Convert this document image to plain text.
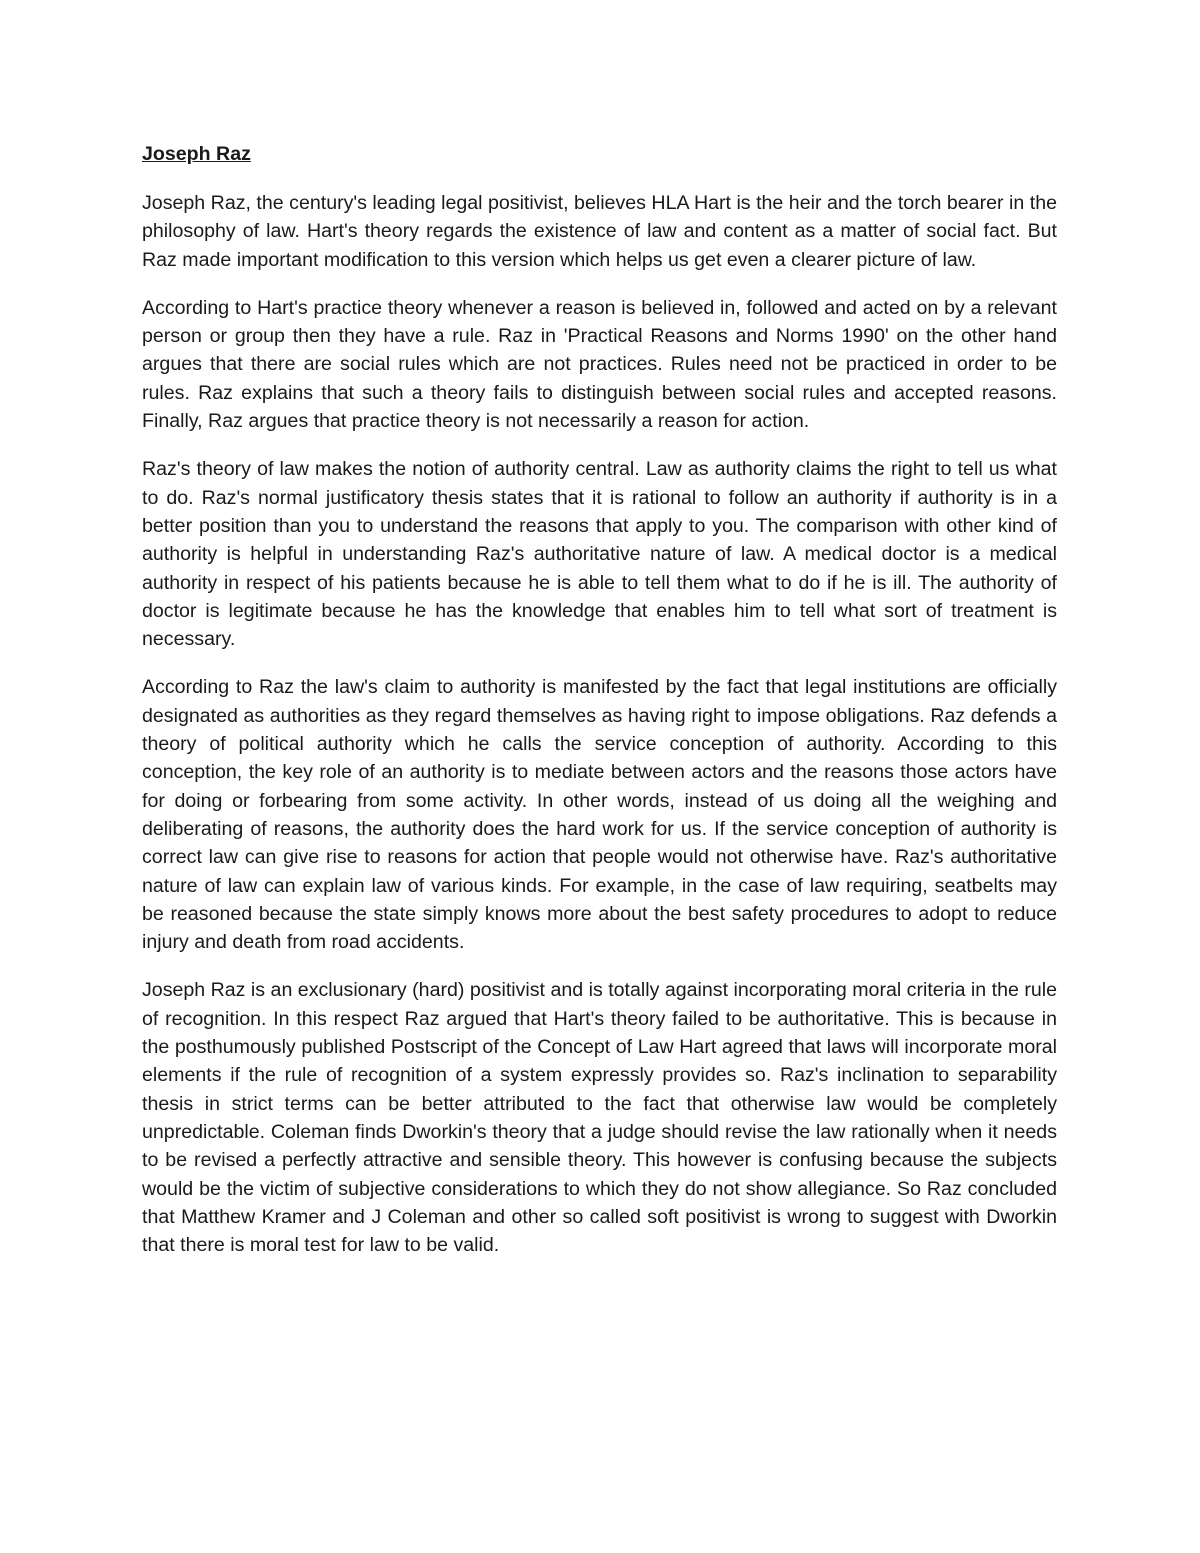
Joseph Raz

Joseph Raz, the century's leading legal positivist, believes HLA Hart is the heir and the torch bearer in the philosophy of law. Hart's theory regards the existence of law and content as a matter of social fact. But Raz made important modification to this version which helps us get even a clearer picture of law.

According to Hart's practice theory whenever a reason is believed in, followed and acted on by a relevant person or group then they have a rule. Raz in 'Practical Reasons and Norms 1990' on the other hand argues that there are social rules which are not practices. Rules need not be practiced in order to be rules. Raz explains that such a theory fails to distinguish between social rules and accepted reasons. Finally, Raz argues that practice theory is not necessarily a reason for action.

Raz's theory of law makes the notion of authority central. Law as authority claims the right to tell us what to do. Raz's normal justificatory thesis states that it is rational to follow an authority if authority is in a better position than you to understand the reasons that apply to you. The comparison with other kind of authority is helpful in understanding Raz's authoritative nature of law. A medical doctor is a medical authority in respect of his patients because he is able to tell them what to do if he is ill. The authority of doctor is legitimate because he has the knowledge that enables him to tell what sort of treatment is necessary.

According to Raz the law's claim to authority is manifested by the fact that legal institutions are officially designated as authorities as they regard themselves as having right to impose obligations. Raz defends a theory of political authority which he calls the service conception of authority. According to this conception, the key role of an authority is to mediate between actors and the reasons those actors have for doing or forbearing from some activity. In other words, instead of us doing all the weighing and deliberating of reasons, the authority does the hard work for us. If the service conception of authority is correct law can give rise to reasons for action that people would not otherwise have. Raz's authoritative nature of law can explain law of various kinds. For example, in the case of law requiring, seatbelts may be reasoned because the state simply knows more about the best safety procedures to adopt to reduce injury and death from road accidents.

Joseph Raz is an exclusionary (hard) positivist and is totally against incorporating moral criteria in the rule of recognition. In this respect Raz argued that Hart's theory failed to be authoritative. This is because in the posthumously published Postscript of the Concept of Law Hart agreed that laws will incorporate moral elements if the rule of recognition of a system expressly provides so. Raz's inclination to separability thesis in strict terms can be better attributed to the fact that otherwise law would be completely unpredictable. Coleman finds Dworkin's theory that a judge should revise the law rationally when it needs to be revised a perfectly attractive and sensible theory. This however is confusing because the subjects would be the victim of subjective considerations to which they do not show allegiance. So Raz concluded that Matthew Kramer and J Coleman and other so called soft positivist is wrong to suggest with Dworkin that there is moral test for law to be valid.
